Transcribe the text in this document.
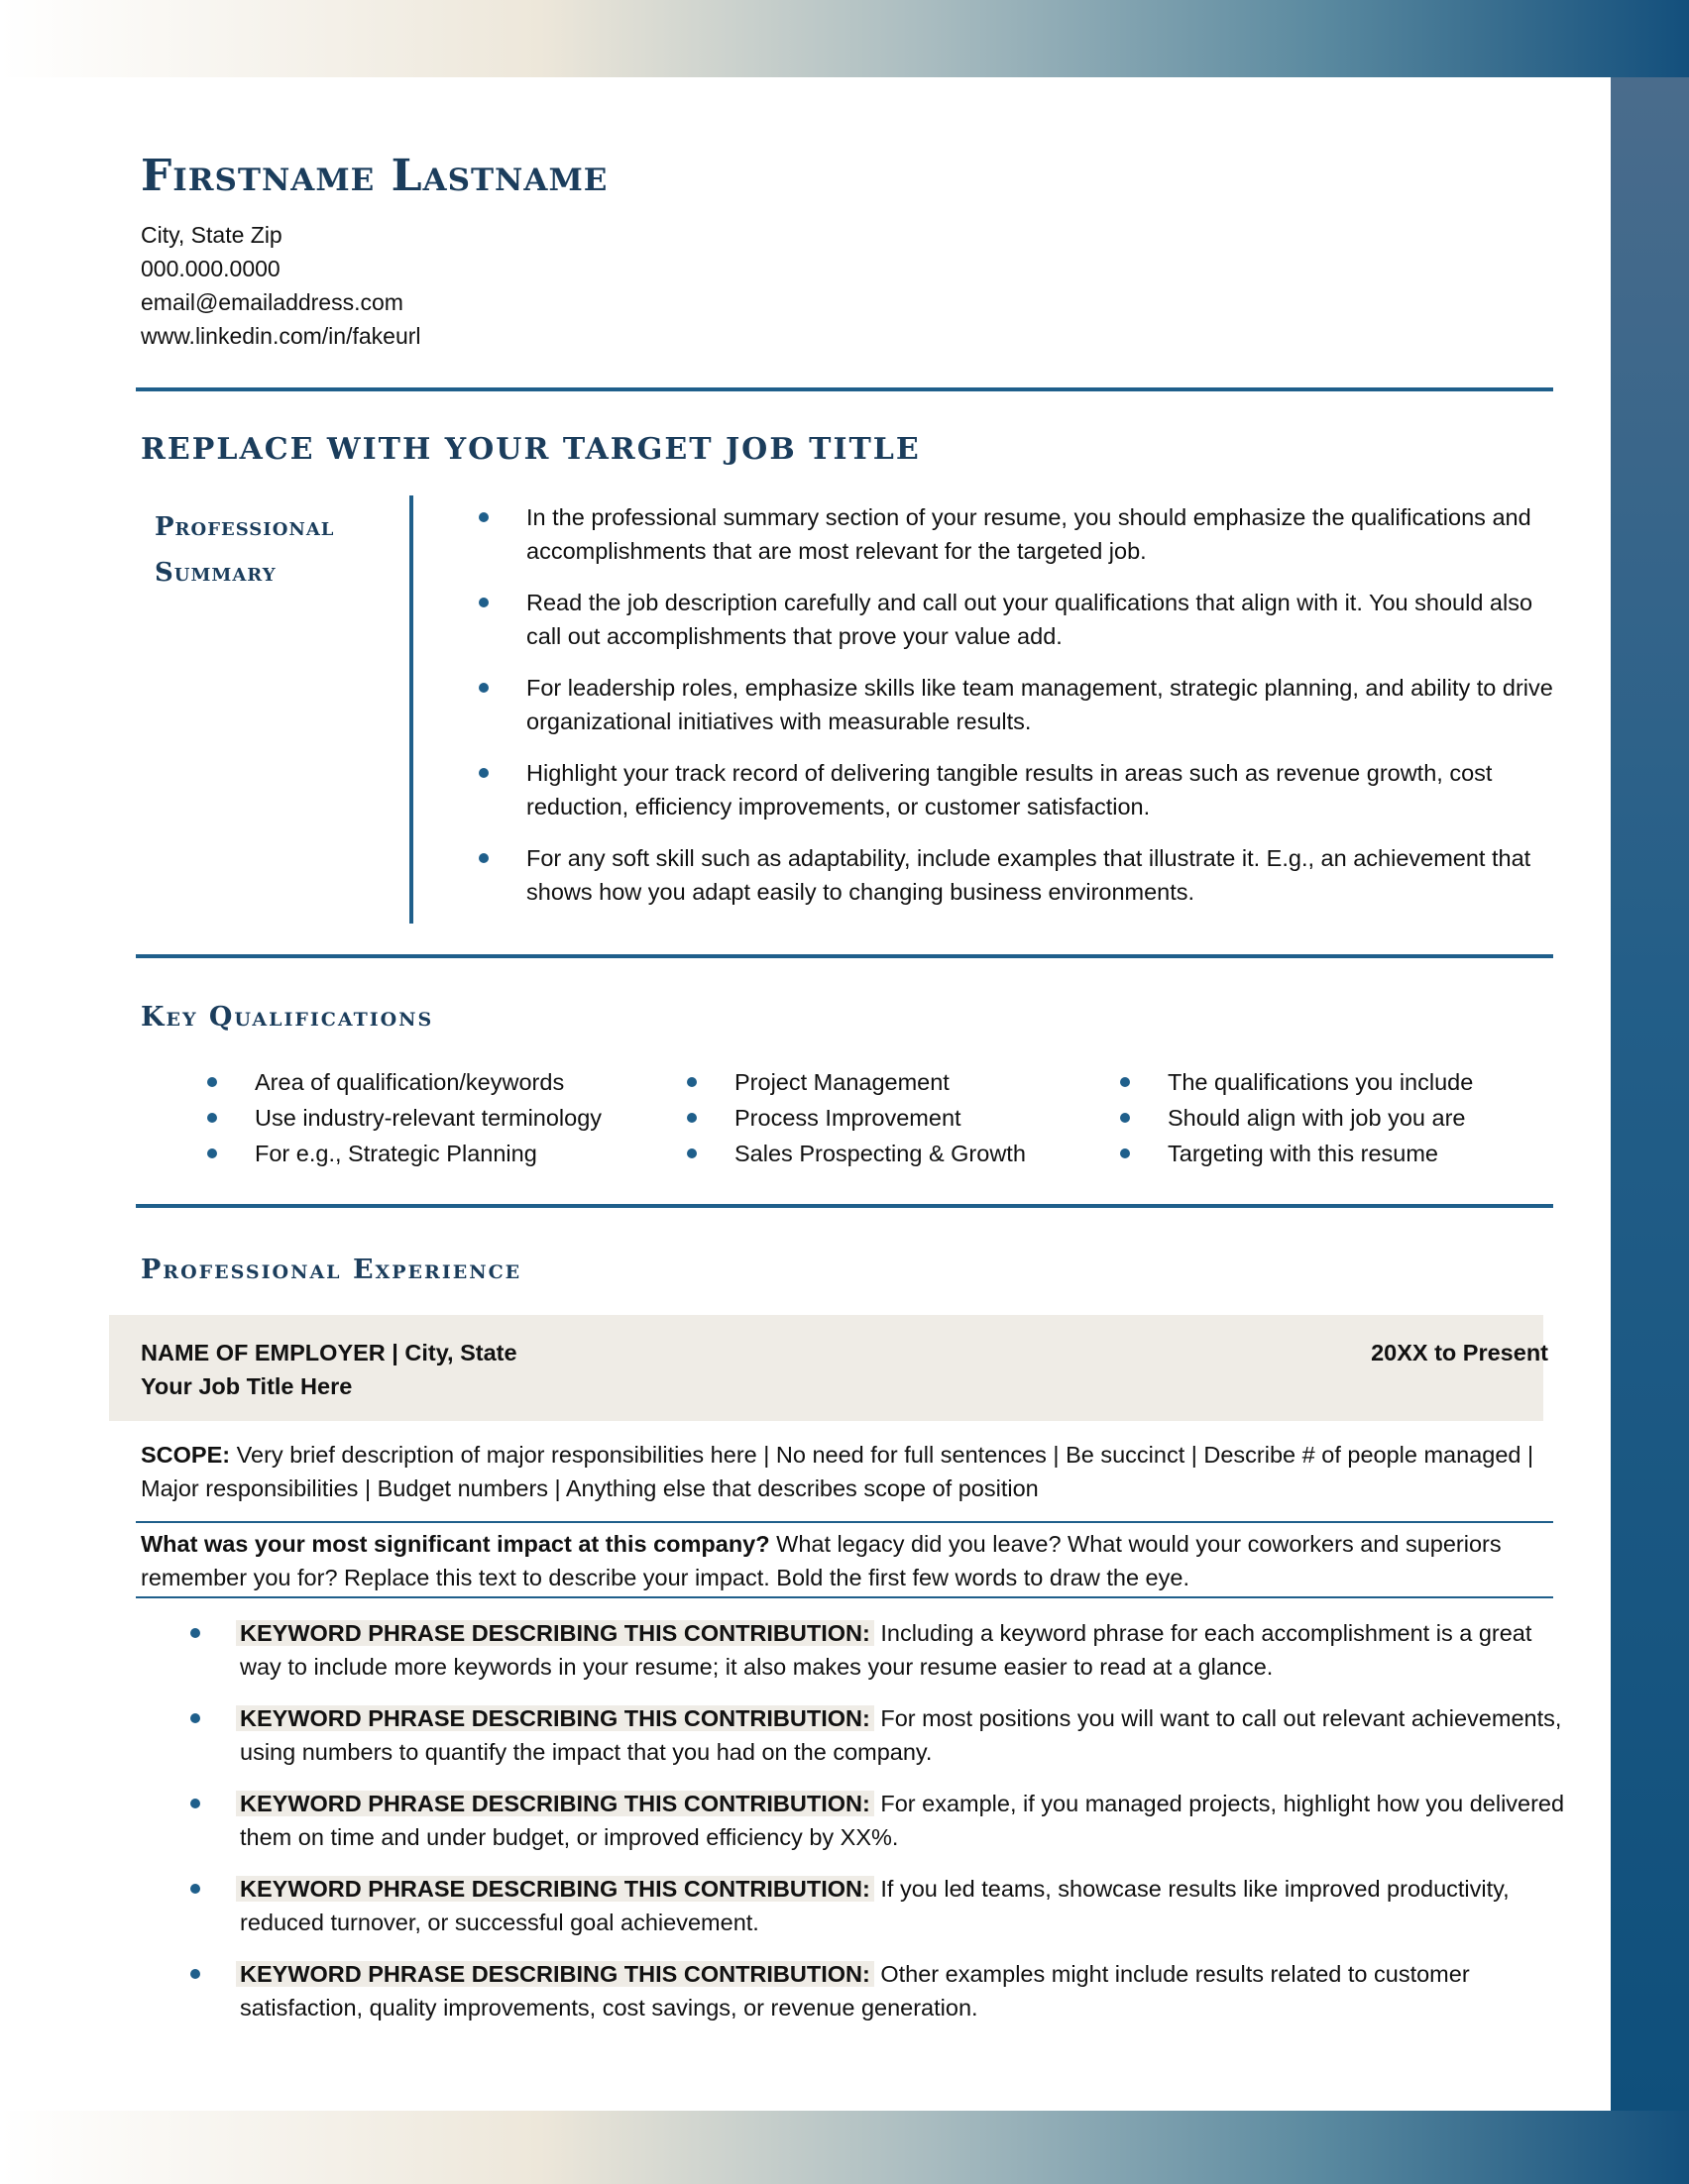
Firstname Lastname
City, State Zip
000.000.0000
email@emailaddress.com
www.linkedin.com/in/fakeurl
REPLACE WITH YOUR TARGET JOB TITLE
Professional
Summary
In the professional summary section of your resume, you should emphasize the qualifications and accomplishments that are most relevant for the targeted job.
Read the job description carefully and call out your qualifications that align with it. You should also call out accomplishments that prove your value add.
For leadership roles, emphasize skills like team management, strategic planning, and ability to drive organizational initiatives with measurable results.
Highlight your track record of delivering tangible results in areas such as revenue growth, cost reduction, efficiency improvements, or customer satisfaction.
For any soft skill such as adaptability, include examples that illustrate it. E.g., an achievement that shows how you adapt easily to changing business environments.
Key Qualifications
Area of qualification/keywords
Use industry-relevant terminology
For e.g., Strategic Planning
Project Management
Process Improvement
Sales Prospecting & Growth
The qualifications you include
Should align with job you are
Targeting with this resume
Professional Experience
NAME OF EMPLOYER | City, State
Your Job Title Here
20XX to Present
SCOPE: Very brief description of major responsibilities here | No need for full sentences | Be succinct | Describe # of people managed | Major responsibilities | Budget numbers | Anything else that describes scope of position
What was your most significant impact at this company? What legacy did you leave? What would your coworkers and superiors remember you for? Replace this text to describe your impact. Bold the first few words to draw the eye.
KEYWORD PHRASE DESCRIBING THIS CONTRIBUTION: Including a keyword phrase for each accomplishment is a great way to include more keywords in your resume; it also makes your resume easier to read at a glance.
KEYWORD PHRASE DESCRIBING THIS CONTRIBUTION: For most positions you will want to call out relevant achievements, using numbers to quantify the impact that you had on the company.
KEYWORD PHRASE DESCRIBING THIS CONTRIBUTION: For example, if you managed projects, highlight how you delivered them on time and under budget, or improved efficiency by XX%.
KEYWORD PHRASE DESCRIBING THIS CONTRIBUTION: If you led teams, showcase results like improved productivity, reduced turnover, or successful goal achievement.
KEYWORD PHRASE DESCRIBING THIS CONTRIBUTION: Other examples might include results related to customer satisfaction, quality improvements, cost savings, or revenue generation.
